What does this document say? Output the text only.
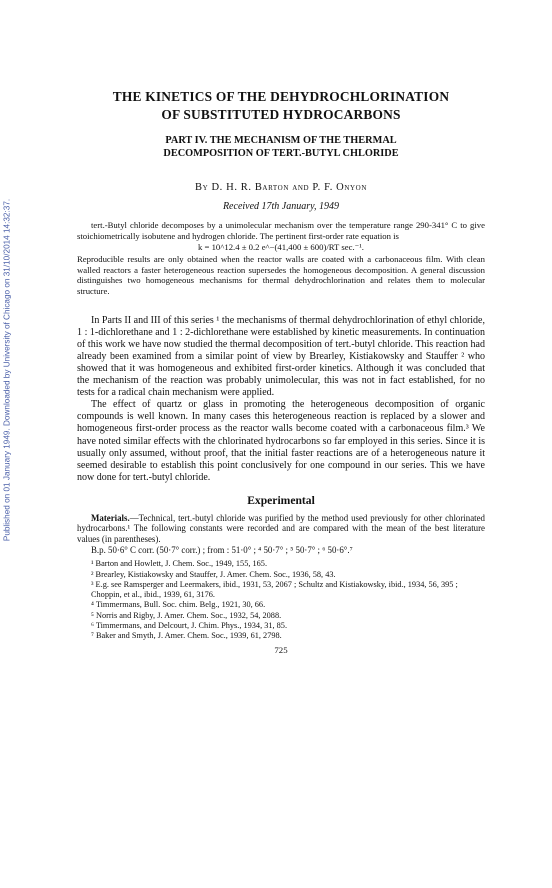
Published on 01 January 1949. Downloaded by University of Chicago on 31/10/2014 14:32:37.
THE KINETICS OF THE DEHYDROCHLORINATION
OF SUBSTITUTED HYDROCARBONS
PART IV. THE MECHANISM OF THE THERMAL
DECOMPOSITION OF TERT.-BUTYL CHLORIDE
By D. H. R. Barton and P. F. Onyon
Received 17th January, 1949

tert.-Butyl chloride decomposes by a unimolecular mechanism over the temperature range 290-341° C to give stoichiometrically isobutene and hydrogen chloride. The pertinent first-order rate equation is

k = 10^12.4 ± 0.2 e^−(41,400 ± 600)/RT sec.⁻¹.

Reproducible results are only obtained when the reactor walls are coated with a carbonaceous film. With clean walled reactors a faster heterogeneous reaction supersedes the homogeneous decomposition. A general discussion distinguishes two homogeneous mechanisms for thermal dehydrochlorination and relates them to molecular structure.

In Parts II and III of this series ¹ the mechanisms of thermal dehydrochlorination of ethyl chloride, 1 : 1-dichlorethane and 1 : 2-dichlorethane were established by kinetic measurements. In continuation of this work we have now studied the thermal decomposition of tert.-butyl chloride. This reaction had already been examined from a similar point of view by Brearley, Kistiakowsky and Stauffer ² who showed that it was homogeneous and exhibited first-order kinetics. Although it was concluded that the mechanism of the reaction was probably unimolecular, this was not in fact established, for no tests for a radical chain mechanism were applied.

The effect of quartz or glass in promoting the heterogeneous decomposition of organic compounds is well known. In many cases this heterogeneous reaction is replaced by a slower and homogeneous first-order process as the reactor walls become coated with a carbonaceous film.³ We have noted similar effects with the chlorinated hydrocarbons so far employed in this series. Since it is usually only assumed, without proof, that the initial faster reactions are of a heterogeneous nature it seemed desirable to establish this point conclusively for one compound in our series. This we have now done for tert.-butyl chloride.

Experimental

Materials.—Technical, tert.-butyl chloride was purified by the method used previously for other chlorinated hydrocarbons.¹ The following constants were recorded and are compared with the mean of the best literature values (in parentheses).

B.p. 50·6° C corr. (50·7° corr.) ; from : 51·0° ; ⁴ 50·7° ; ⁵ 50·7° ; ⁶ 50·6°.⁷

¹ Barton and Howlett, J. Chem. Soc., 1949, 155, 165.
² Brearley, Kistiakowsky and Stauffer, J. Amer. Chem. Soc., 1936, 58, 43.
³ E.g. see Ramsperger and Leermakers, ibid., 1931, 53, 2067 ; Schultz and Kistiakowsky, ibid., 1934, 56, 395 ; Choppin, et al., ibid., 1939, 61, 3176.
⁴ Timmermans, Bull. Soc. chim. Belg., 1921, 30, 66.
⁵ Norris and Rigby, J. Amer. Chem. Soc., 1932, 54, 2088.
⁶ Timmermans, and Delcourt, J. Chim. Phys., 1934, 31, 85.
⁷ Baker and Smyth, J. Amer. Chem. Soc., 1939, 61, 2798.
725
